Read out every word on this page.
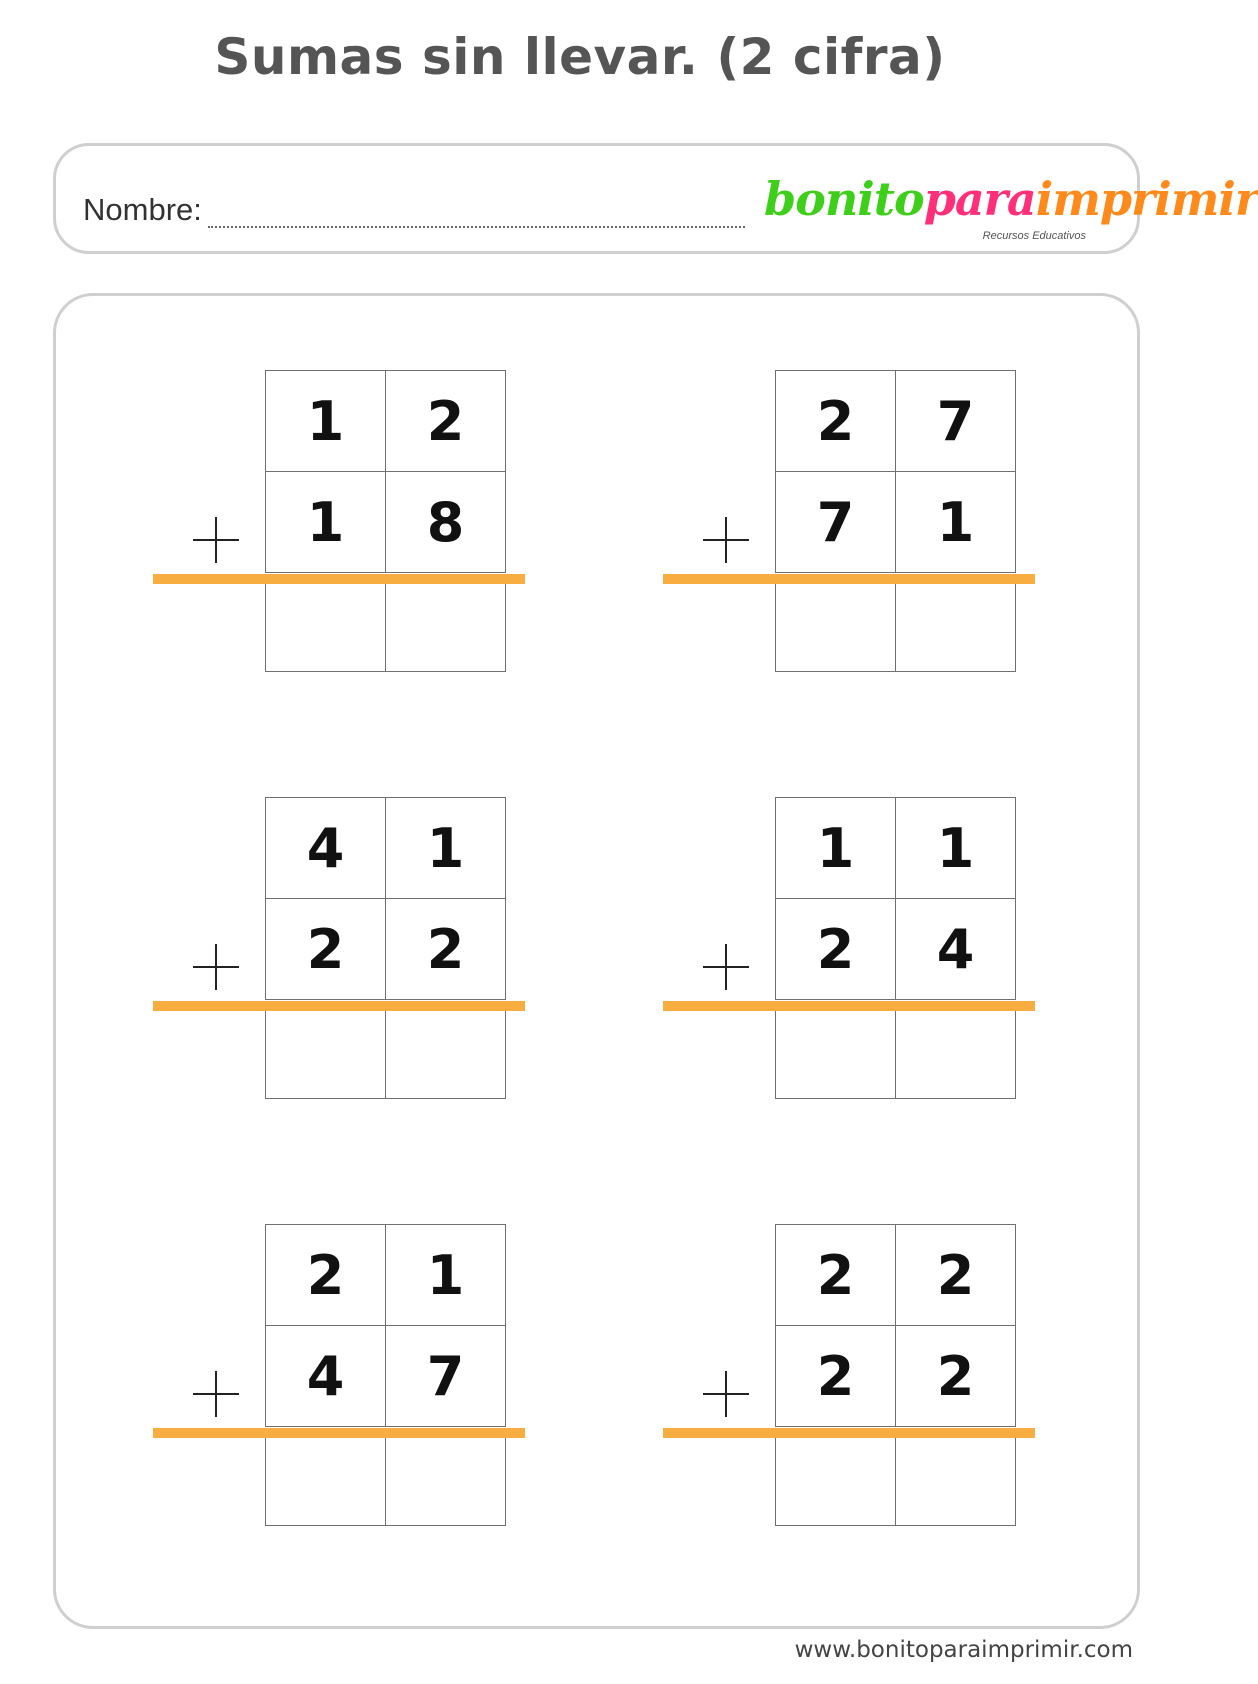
Sumas sin llevar. (2 cifra)
Nombre:	bonitoparaimprimir
Recursos Educativos
1	2
1	8
2	7
7	1
4	1
2	2
1	1
2	4
2	1
4	7
2	2
2	2
www.bonitoparaimprimir.com
